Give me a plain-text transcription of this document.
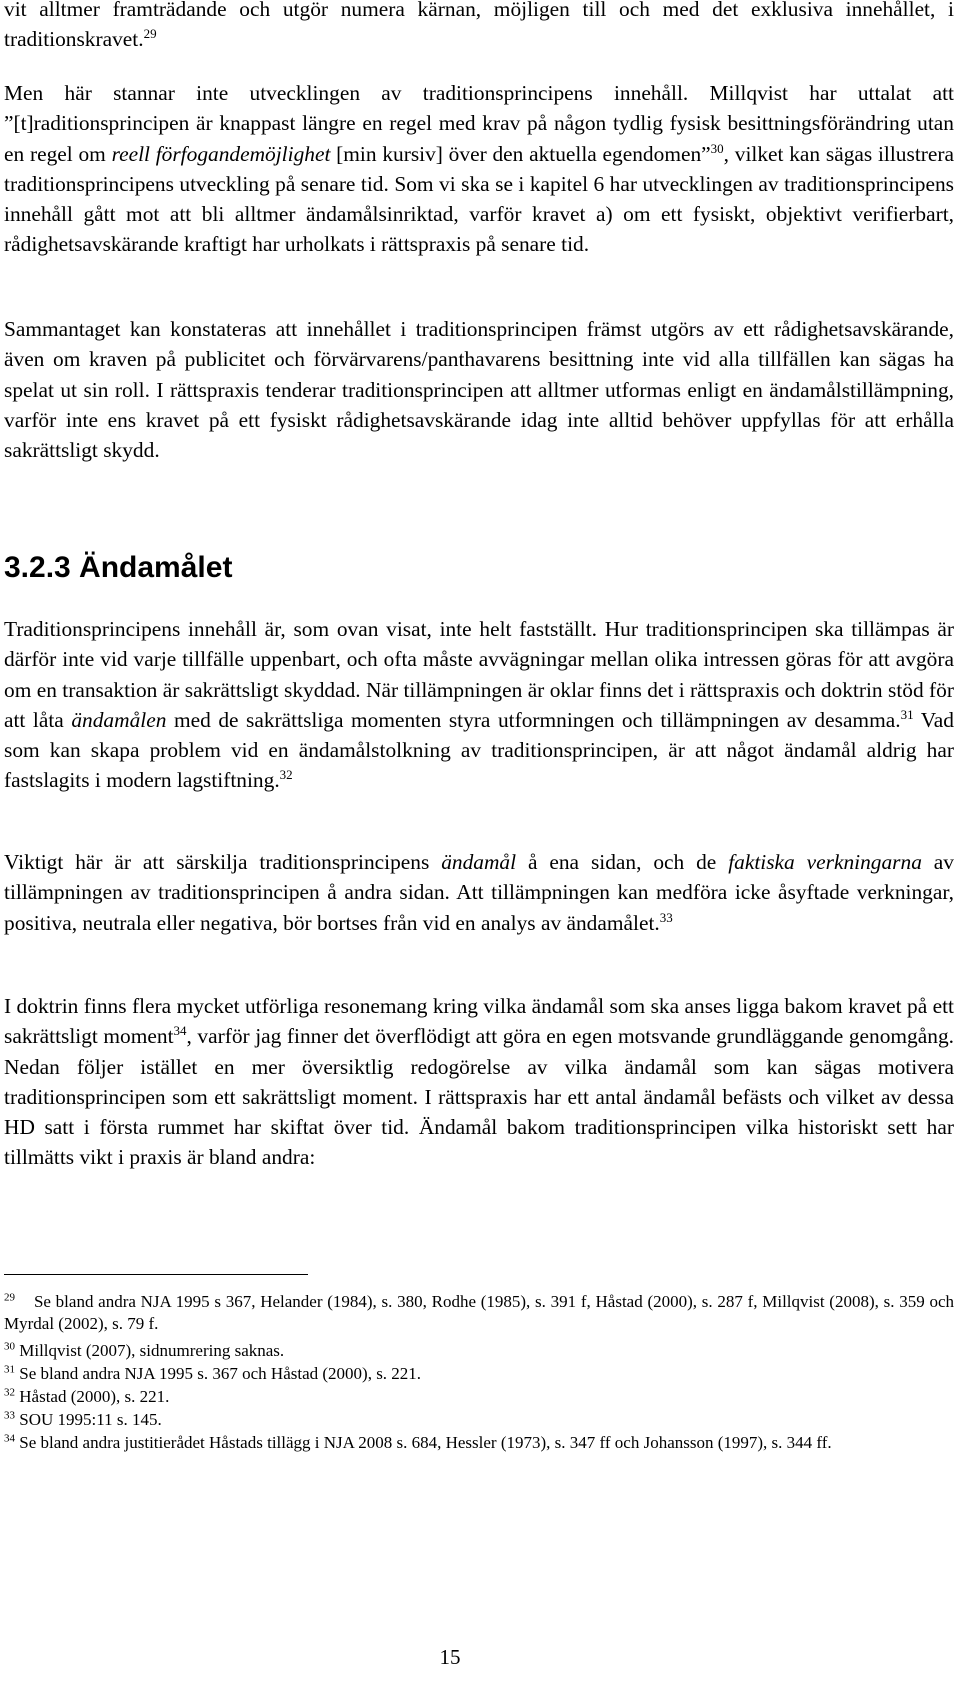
vit alltmer framträdande och utgör numera kärnan, möjligen till och med det exklusiva innehållet, i traditionskravet.$^{29}$

Men här stannar inte utvecklingen av traditionsprincipens innehåll. Millqvist har uttalat att ”[t]raditionsprincipen är knappast längre en regel med krav på någon tydlig fysisk besittningsförändring utan en regel om reell förfogandemöjlighet [min kursiv] över den aktuella egendomen”$^{30}$, vilket kan sägas illustrera traditionsprincipens utveckling på senare tid. Som vi ska se i kapitel 6 har utvecklingen av traditionsprincipens innehåll gått mot att bli alltmer ändamålsinriktad, varför kravet a) om ett fysiskt, objektivt verifierbart, rådighetsavskärande kraftigt har urholkats i rättspraxis på senare tid.

Sammantaget kan konstateras att innehållet i traditionsprincipen främst utgörs av ett rådighetsavskärande, även om kraven på publicitet och förvärvarens/panthavarens besittning inte vid alla tillfällen kan sägas ha spelat ut sin roll. I rättspraxis tenderar traditionsprincipen att alltmer utformas enligt en ändamålstillämpning, varför inte ens kravet på ett fysiskt rådighetsavskärande idag inte alltid behöver uppfyllas för att erhålla sakrättsligt skydd.

3.2.3 Ändamålet

Traditionsprincipens innehåll är, som ovan visat, inte helt fastställt. Hur traditionsprincipen ska tillämpas är därför inte vid varje tillfälle uppenbart, och ofta måste avvägningar mellan olika intressen göras för att avgöra om en transaktion är sakrättsligt skyddad. När tillämpningen är oklar finns det i rättspraxis och doktrin stöd för att låta ändamålen med de sakrättsliga momenten styra utformningen och tillämpningen av desamma.$^{31}$ Vad som kan skapa problem vid en ändamålstolkning av traditionsprincipen, är att något ändamål aldrig har fastslagits i modern lagstiftning.$^{32}$

Viktigt här är att särskilja traditionsprincipens ändamål å ena sidan, och de faktiska verkningarna av tillämpningen av traditionsprincipen å andra sidan. Att tillämpningen kan medföra icke åsyftade verkningar, positiva, neutrala eller negativa, bör bortses från vid en analys av ändamålet.$^{33}$

I doktrin finns flera mycket utförliga resonemang kring vilka ändamål som ska anses ligga bakom kravet på ett sakrättsligt moment$^{34}$, varför jag finner det överflödigt att göra en egen motsvande grundläggande genomgång. Nedan följer istället en mer översiktlig redogörelse av vilka ändamål som kan sägas motivera traditionsprincipen som ett sakrättsligt moment. I rättspraxis har ett antal ändamål befästs och vilket av dessa HD satt i första rummet har skiftat över tid. Ändamål bakom traditionsprincipen vilka historiskt sett har tillmätts vikt i praxis är bland andra:

$^{29}$ Se bland andra NJA 1995 s 367, Helander (1984), s. 380, Rodhe (1985), s. 391 f, Håstad (2000), s. 287 f, Millqvist (2008), s. 359 och Myrdal (2002), s. 79 f.

$^{30}$ Millqvist (2007), sidnumrering saknas.

$^{31}$ Se bland andra NJA 1995 s. 367 och Håstad (2000), s. 221.

$^{32}$ Håstad (2000), s. 221.

$^{33}$ SOU 1995:11 s. 145.

$^{34}$ Se bland andra justitierådet Håstads tillägg i NJA 2008 s. 684, Hessler (1973), s. 347 ff och Johansson (1997), s. 344 ff.

15
